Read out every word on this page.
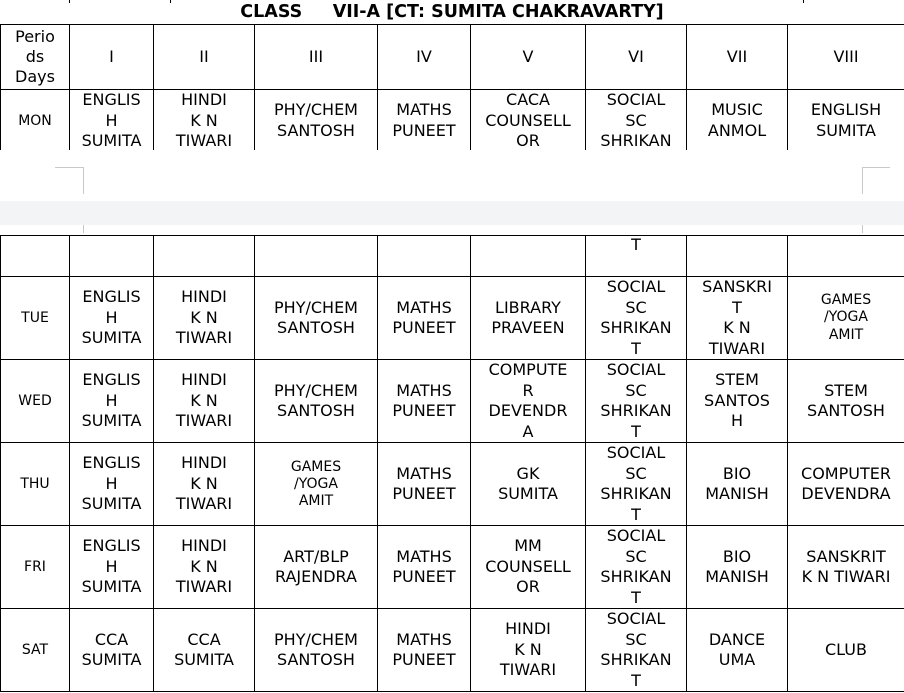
CLASS     VII-A [CT: SUMITA CHAKRAVARTY]
Perio
ds
Days	I	II	III	IV	V	VI	VII	VIII
MON	ENGLIS
H
SUMITA	HINDI
K N
TIWARI	PHY/CHEM
SANTOSH	MATHS
PUNEET	CACA
COUNSELL
OR	SOCIAL
SC
SHRIKAN	MUSIC
ANMOL	ENGLISH
SUMITA
						T		
TUE	ENGLIS
H
SUMITA	HINDI
K N
TIWARI	PHY/CHEM
SANTOSH	MATHS
PUNEET	LIBRARY
PRAVEEN	SOCIAL
SC
SHRIKAN
T	SANSKRI
T
K N
TIWARI	GAMES
/YOGA
AMIT
WED	ENGLIS
H
SUMITA	HINDI
K N
TIWARI	PHY/CHEM
SANTOSH	MATHS
PUNEET	COMPUTE
R
DEVENDR
A	SOCIAL
SC
SHRIKAN
T	STEM
SANTOS
H	STEM
SANTOSH
THU	ENGLIS
H
SUMITA	HINDI
K N
TIWARI	GAMES
/YOGA
AMIT	MATHS
PUNEET	GK
SUMITA	SOCIAL
SC
SHRIKAN
T	BIO
MANISH	COMPUTER
DEVENDRA
FRI	ENGLIS
H
SUMITA	HINDI
K N
TIWARI	ART/BLP
RAJENDRA	MATHS
PUNEET	MM
COUNSELL
OR	SOCIAL
SC
SHRIKAN
T	BIO
MANISH	SANSKRIT
K N TIWARI
SAT	CCA
SUMITA	CCA
SUMITA	PHY/CHEM
SANTOSH	MATHS
PUNEET	HINDI
K N
TIWARI	SOCIAL
SC
SHRIKAN
T	DANCE
UMA	CLUB
